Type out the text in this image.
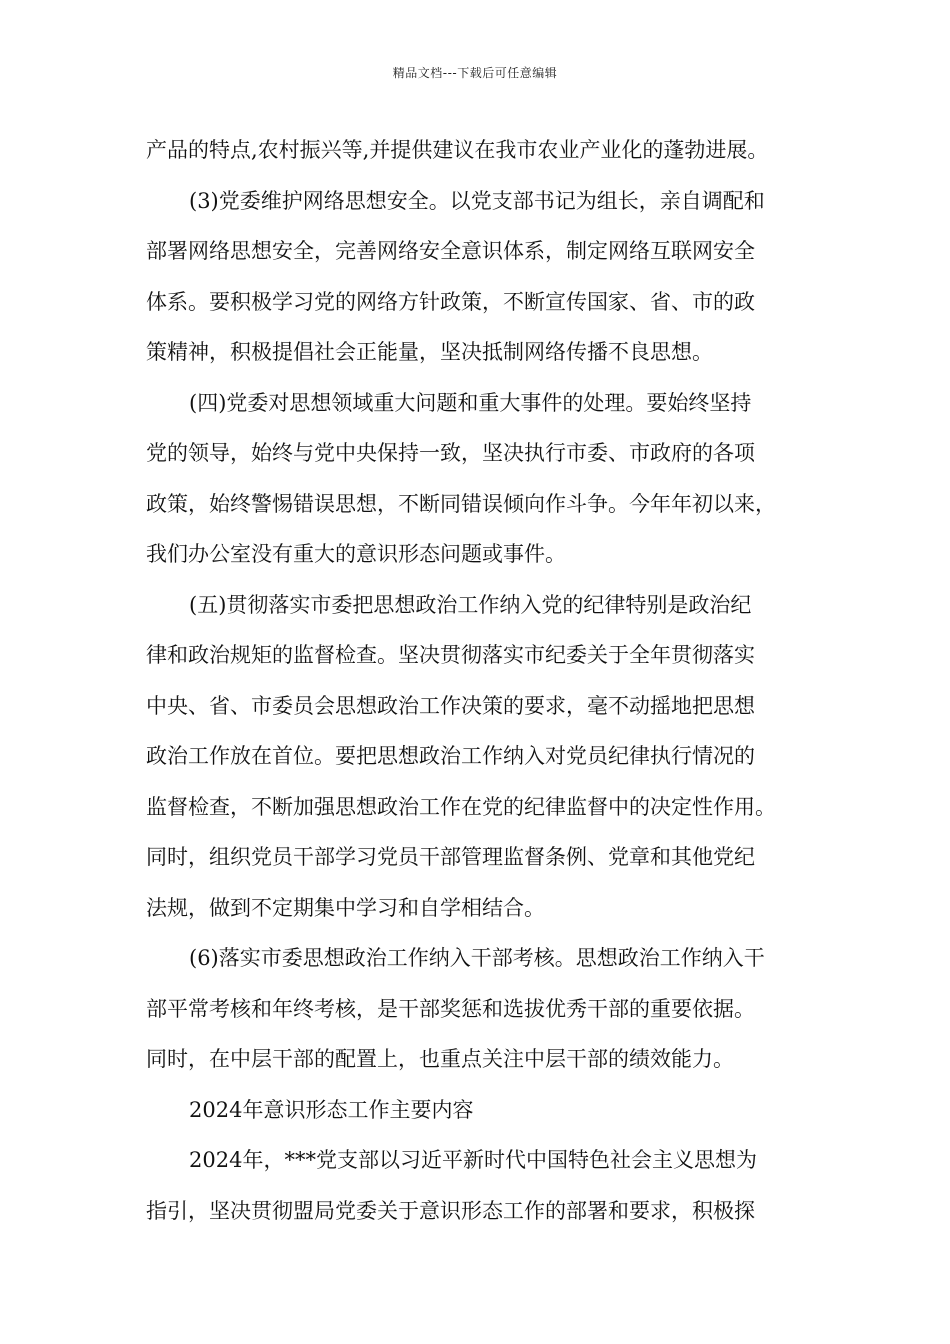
精品文档---下载后可任意编辑
产品的特点,农村振兴等,并提供建议在我市农业产业化的蓬勃进展。
(3)党委维护网络思想安全。以党支部书记为组长，亲自调配和
部署网络思想安全，完善网络安全意识体系，制定网络互联网安全
体系。要积极学习党的网络方针政策，不断宣传国家、省、市的政
策精神，积极提倡社会正能量，坚决抵制网络传播不良思想。
(四)党委对思想领域重大问题和重大事件的处理。要始终坚持
党的领导，始终与党中央保持一致，坚决执行市委、市政府的各项
政策，始终警惕错误思想，不断同错误倾向作斗争。今年年初以来，
我们办公室没有重大的意识形态问题或事件。
(五)贯彻落实市委把思想政治工作纳入党的纪律特别是政治纪
律和政治规矩的监督检查。坚决贯彻落实市纪委关于全年贯彻落实
中央、省、市委员会思想政治工作决策的要求，毫不动摇地把思想
政治工作放在首位。要把思想政治工作纳入对党员纪律执行情况的
监督检查，不断加强思想政治工作在党的纪律监督中的决定性作用。
同时，组织党员干部学习党员干部管理监督条例、党章和其他党纪
法规，做到不定期集中学习和自学相结合。
(6)落实市委思想政治工作纳入干部考核。思想政治工作纳入干
部平常考核和年终考核，是干部奖惩和选拔优秀干部的重要依据。
同时，在中层干部的配置上，也重点关注中层干部的绩效能力。
2024年意识形态工作主要内容
2024年，***党支部以习近平新时代中国特色社会主义思想为
指引，坚决贯彻盟局党委关于意识形态工作的部署和要求，积极探
